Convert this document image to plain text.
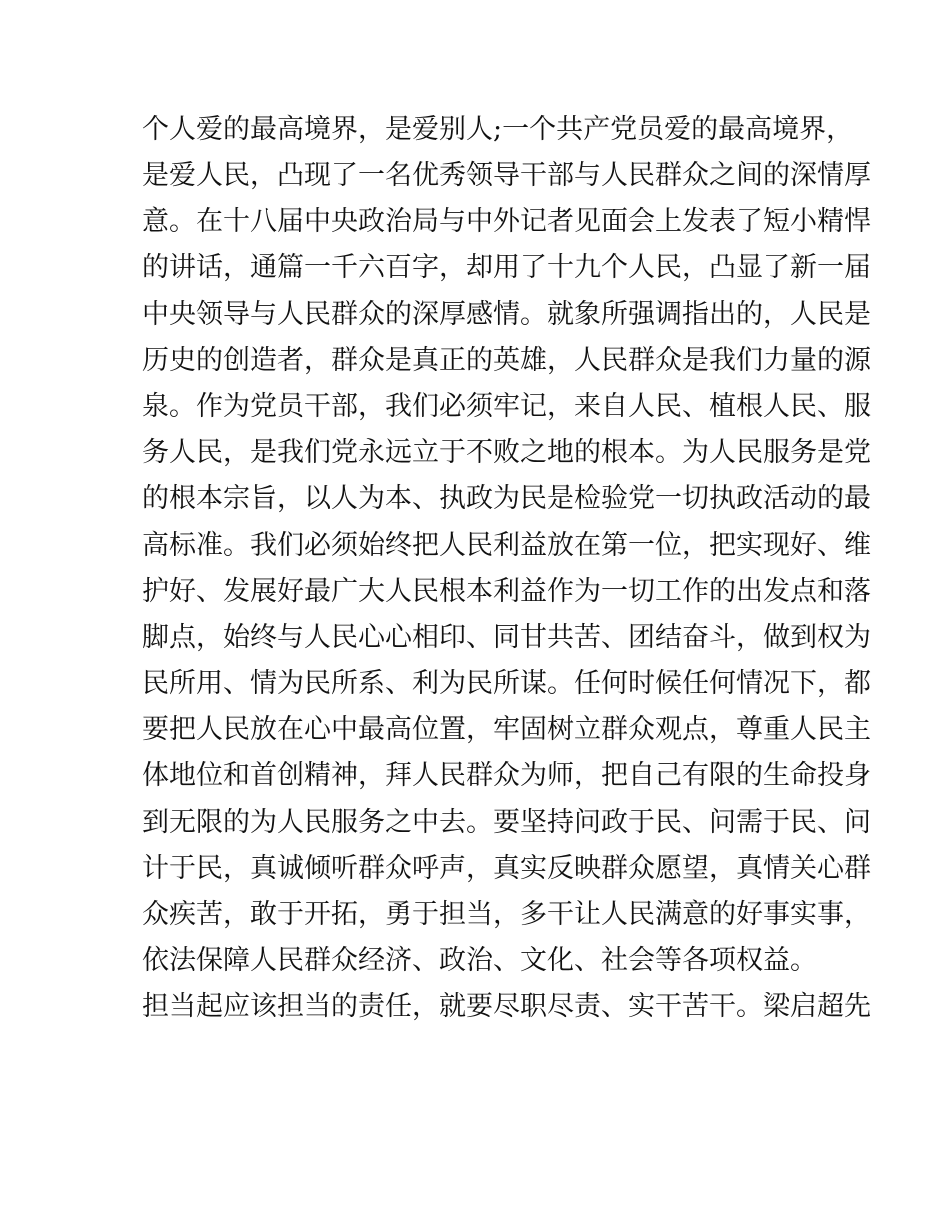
个人爱的最高境界，是爱别人;一个共产党员爱的最高境界，
是爱人民，凸现了一名优秀领导干部与人民群众之间的深情厚
意。在十八届中央政治局与中外记者见面会上发表了短小精悍
的讲话，通篇一千六百字，却用了十九个人民，凸显了新一届
中央领导与人民群众的深厚感情。就象所强调指出的，人民是
历史的创造者，群众是真正的英雄，人民群众是我们力量的源
泉。作为党员干部，我们必须牢记，来自人民、植根人民、服
务人民，是我们党永远立于不败之地的根本。为人民服务是党
的根本宗旨，以人为本、执政为民是检验党一切执政活动的最
高标准。我们必须始终把人民利益放在第一位，把实现好、维
护好、发展好最广大人民根本利益作为一切工作的出发点和落
脚点，始终与人民心心相印、同甘共苦、团结奋斗，做到权为
民所用、情为民所系、利为民所谋。任何时候任何情况下，都
要把人民放在心中最高位置，牢固树立群众观点，尊重人民主
体地位和首创精神，拜人民群众为师，把自己有限的生命投身
到无限的为人民服务之中去。要坚持问政于民、问需于民、问
计于民，真诚倾听群众呼声，真实反映群众愿望，真情关心群
众疾苦，敢于开拓，勇于担当，多干让人民满意的好事实事，
依法保障人民群众经济、政治、文化、社会等各项权益。
担当起应该担当的责任，就要尽职尽责、实干苦干。梁启超先
